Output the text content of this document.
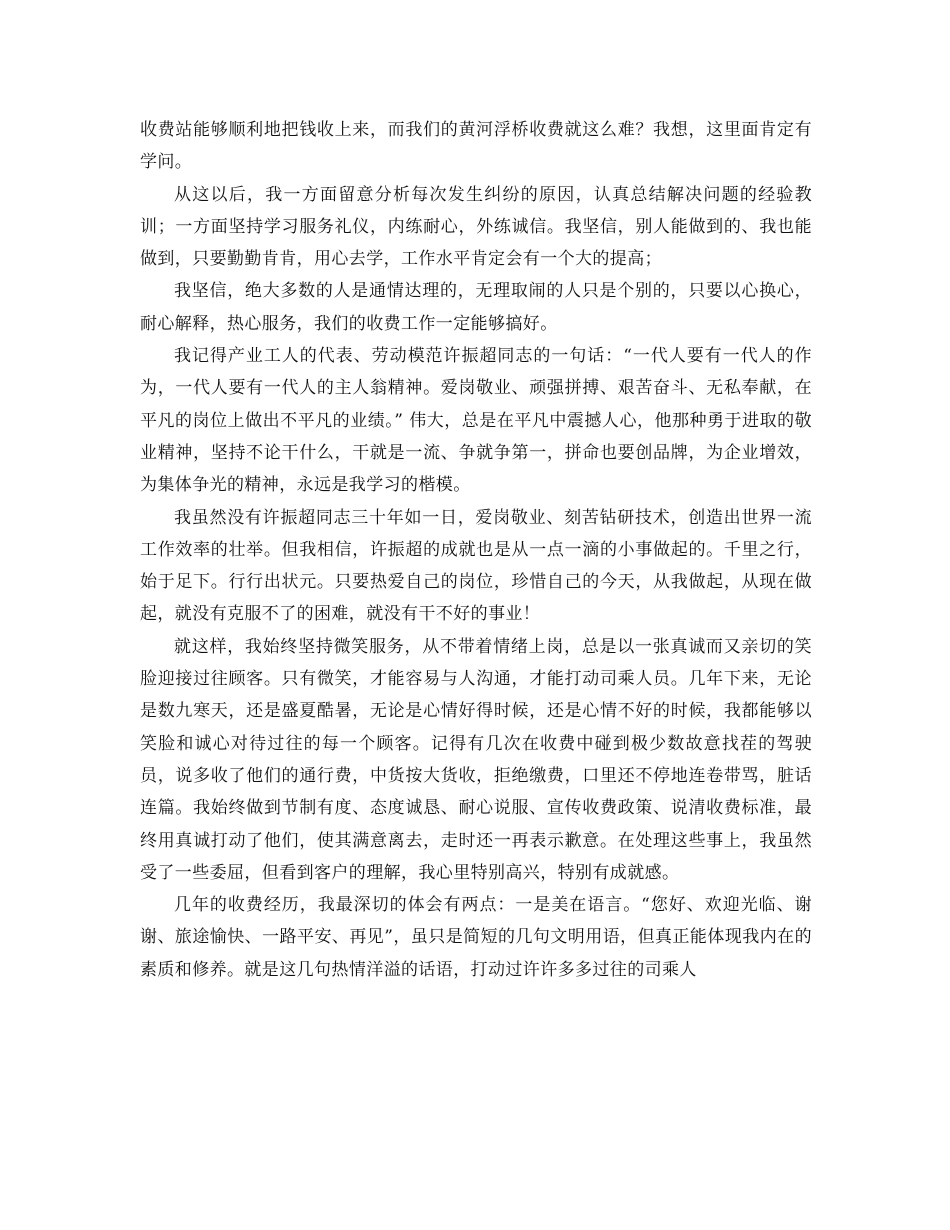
收费站能够顺利地把钱收上来，而我们的黄河浮桥收费就这么难？我想，这里面肯定有学问。

从这以后，我一方面留意分析每次发生纠纷的原因，认真总结解决问题的经验教训；一方面坚持学习服务礼仪，内练耐心，外练诚信。我坚信，别人能做到的、我也能做到，只要勤勤肯肯，用心去学，工作水平肯定会有一个大的提高；

我坚信，绝大多数的人是通情达理的，无理取闹的人只是个别的，只要以心换心，耐心解释，热心服务，我们的收费工作一定能够搞好。

我记得产业工人的代表、劳动模范许振超同志的一句话：“一代人要有一代人的作为，一代人要有一代人的主人翁精神。爱岗敬业、顽强拼搏、艰苦奋斗、无私奉献，在平凡的岗位上做出不平凡的业绩。” 伟大，总是在平凡中震撼人心，他那种勇于进取的敬业精神，坚持不论干什么，干就是一流、争就争第一，拼命也要创品牌，为企业增效，为集体争光的精神，永远是我学习的楷模。

我虽然没有许振超同志三十年如一日，爱岗敬业、刻苦钻研技术，创造出世界一流工作效率的壮举。但我相信，许振超的成就也是从一点一滴的小事做起的。千里之行，始于足下。行行出状元。只要热爱自己的岗位，珍惜自己的今天，从我做起，从现在做起，就没有克服不了的困难，就没有干不好的事业！

就这样，我始终坚持微笑服务，从不带着情绪上岗，总是以一张真诚而又亲切的笑脸迎接过往顾客。只有微笑，才能容易与人沟通，才能打动司乘人员。几年下来，无论是数九寒天，还是盛夏酷暑，无论是心情好得时候，还是心情不好的时候，我都能够以笑脸和诚心对待过往的每一个顾客。记得有几次在收费中碰到极少数故意找茬的驾驶员，说多收了他们的通行费，中货按大货收，拒绝缴费，口里还不停地连卷带骂，脏话连篇。我始终做到节制有度、态度诚恳、耐心说服、宣传收费政策、说清收费标准，最终用真诚打动了他们，使其满意离去，走时还一再表示歉意。在处理这些事上，我虽然受了一些委屈，但看到客户的理解，我心里特别高兴，特别有成就感。

几年的收费经历，我最深切的体会有两点：一是美在语言。“您好、欢迎光临、谢谢、旅途愉快、一路平安、再见”，虽只是简短的几句文明用语，但真正能体现我内在的素质和修养。就是这几句热情洋溢的话语，打动过许许多多过往的司乘人
